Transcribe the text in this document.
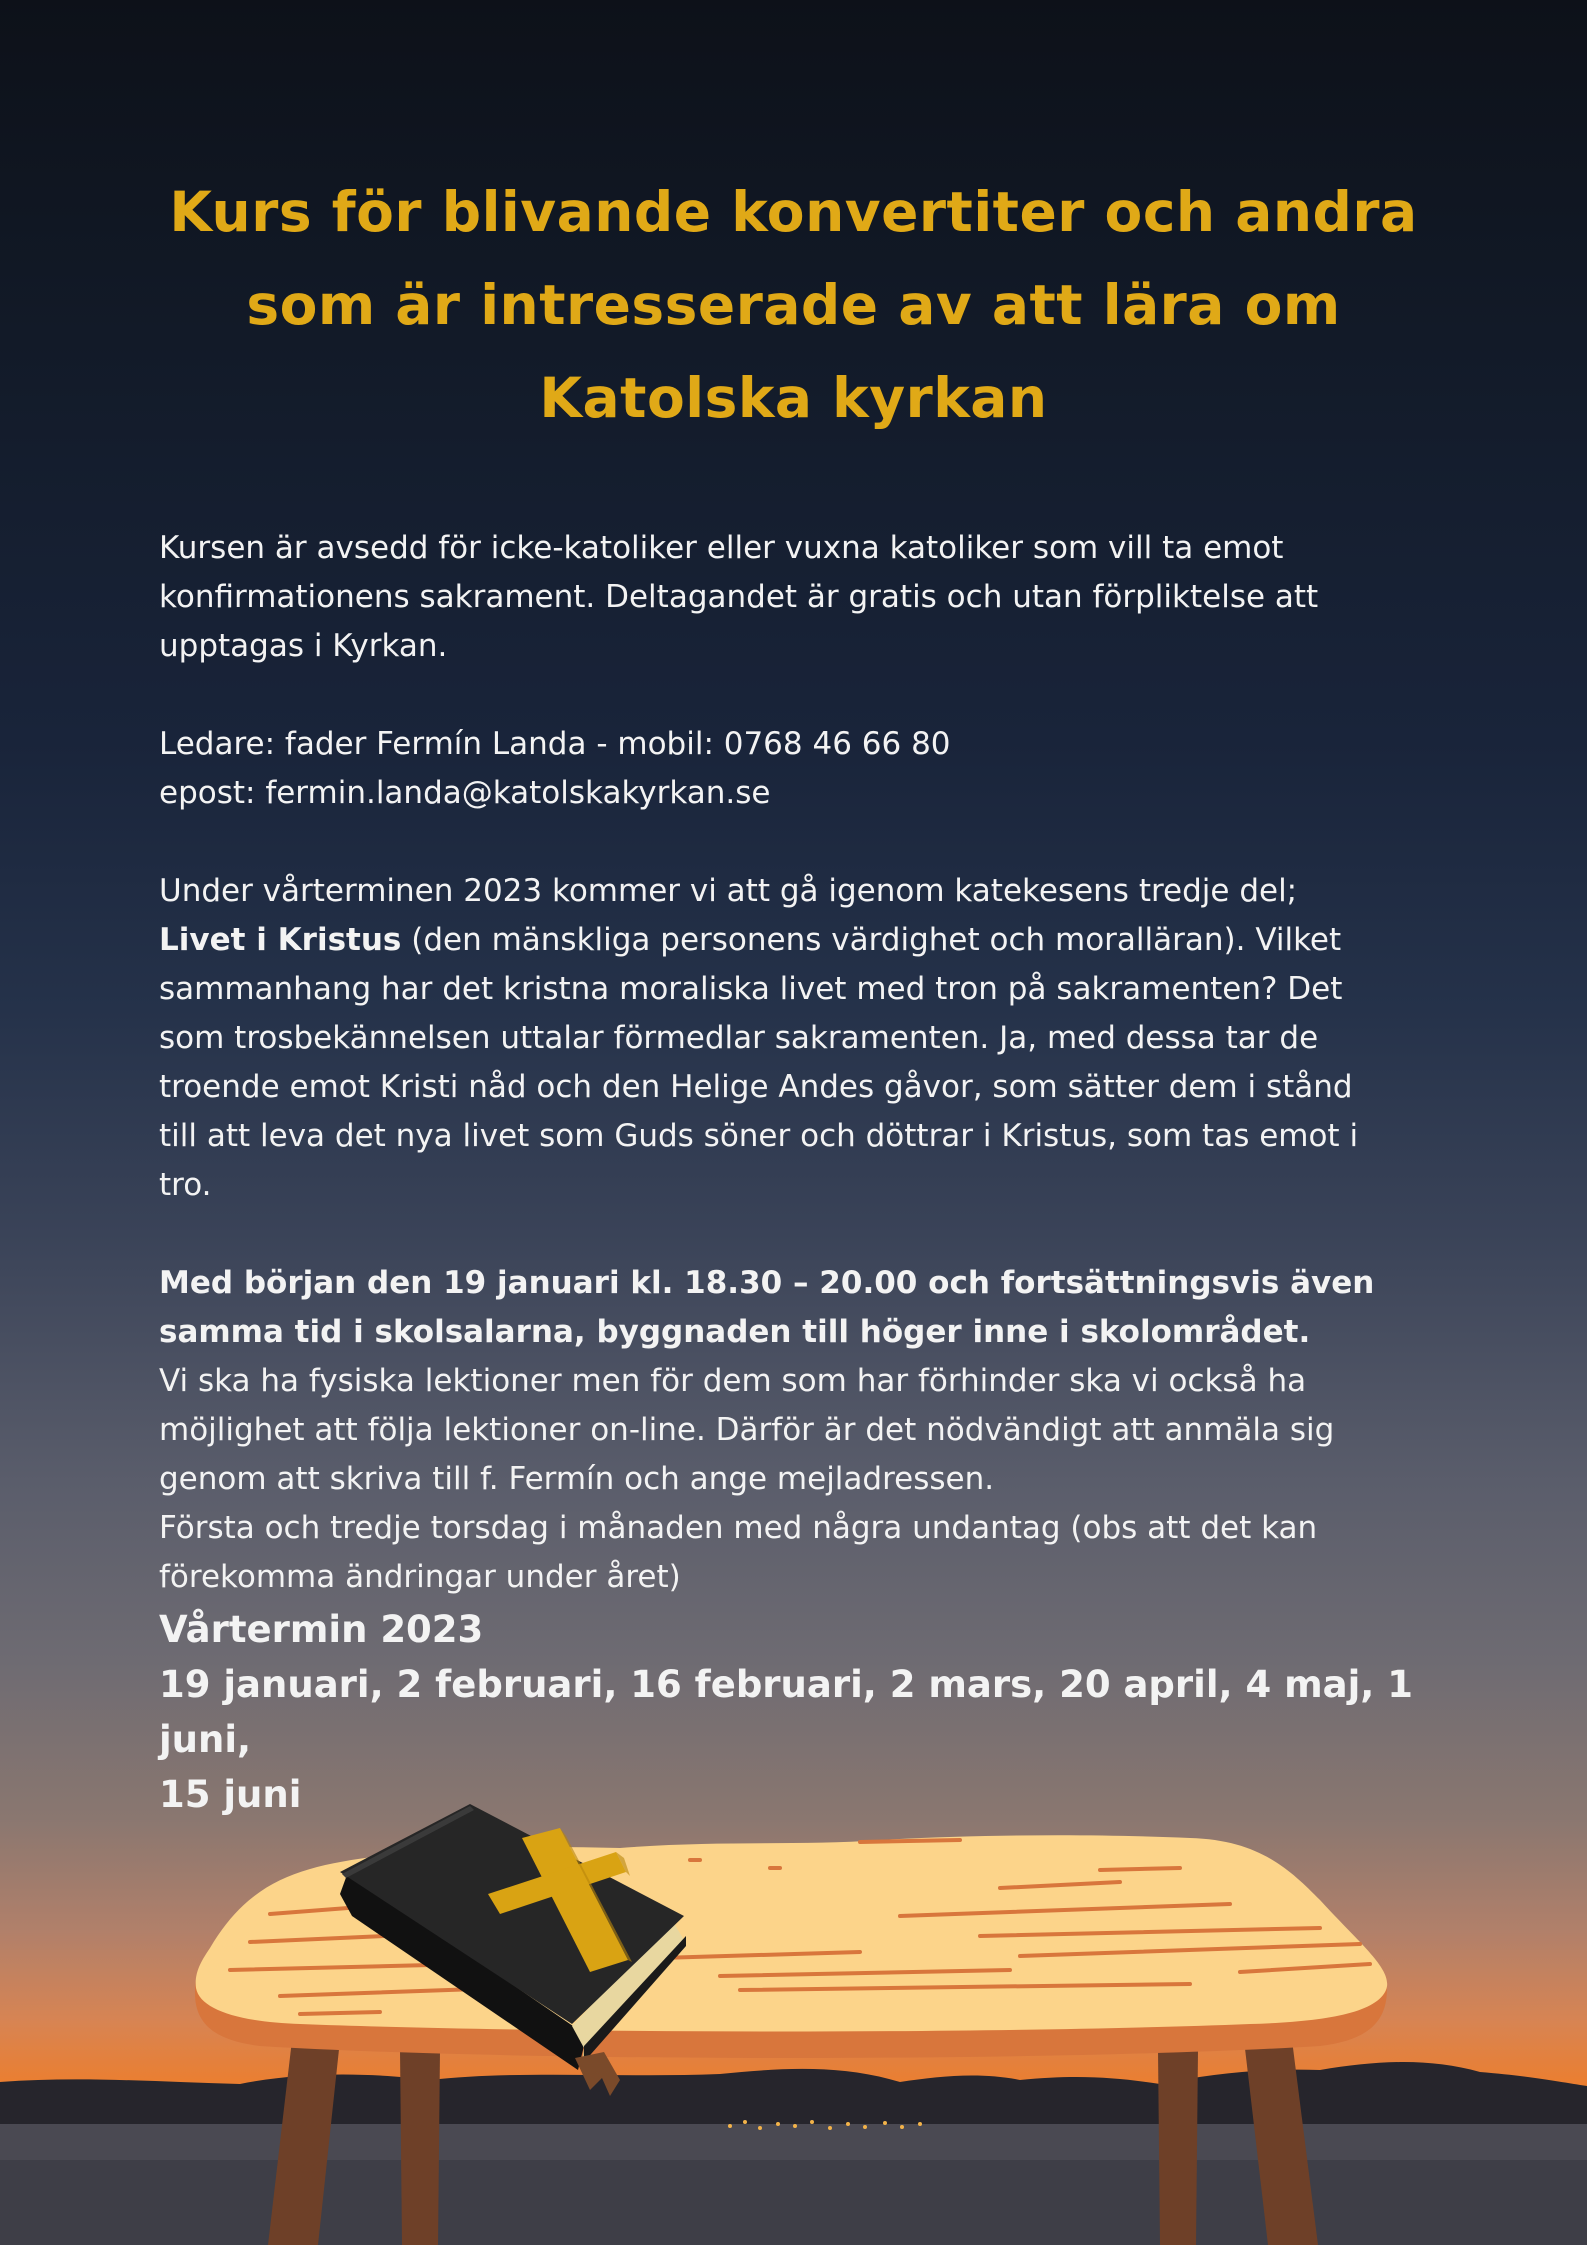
Kurs för blivande konvertiter och andra
som är intresserade av att lära om
Katolska kyrkan

Kursen är avsedd för icke-katoliker eller vuxna katoliker som vill ta emot
konfirmationens sakrament. Deltagandet är gratis och utan förpliktelse att
upptagas i Kyrkan.

Ledare: fader Fermín Landa - mobil: 0768 46 66 80
epost: fermin.landa@katolskakyrkan.se

Under vårterminen 2023 kommer vi att gå igenom katekesens tredje del;
Livet i Kristus (den mänskliga personens värdighet och moralläran). Vilket
sammanhang har det kristna moraliska livet med tron på sakramenten? Det
som trosbekännelsen uttalar förmedlar sakramenten. Ja, med dessa tar de
troende emot Kristi nåd och den Helige Andes gåvor, som sätter dem i stånd
till att leva det nya livet som Guds söner och döttrar i Kristus, som tas emot i
tro.

Med början den 19 januari kl. 18.30 – 20.00 och fortsättningsvis även
samma tid i skolsalarna, byggnaden till höger inne i skolområdet.
Vi ska ha fysiska lektioner men för dem som har förhinder ska vi också ha
möjlighet att följa lektioner on-line. Därför är det nödvändigt att anmäla sig
genom att skriva till f. Fermín och ange mejladressen.
Första och tredje torsdag i månaden med några undantag (obs att det kan
förekomma ändringar under året)

Vårtermin 2023
19 januari, 2 februari, 16 februari, 2 mars, 20 april, 4 maj, 1 juni,
15 juni
